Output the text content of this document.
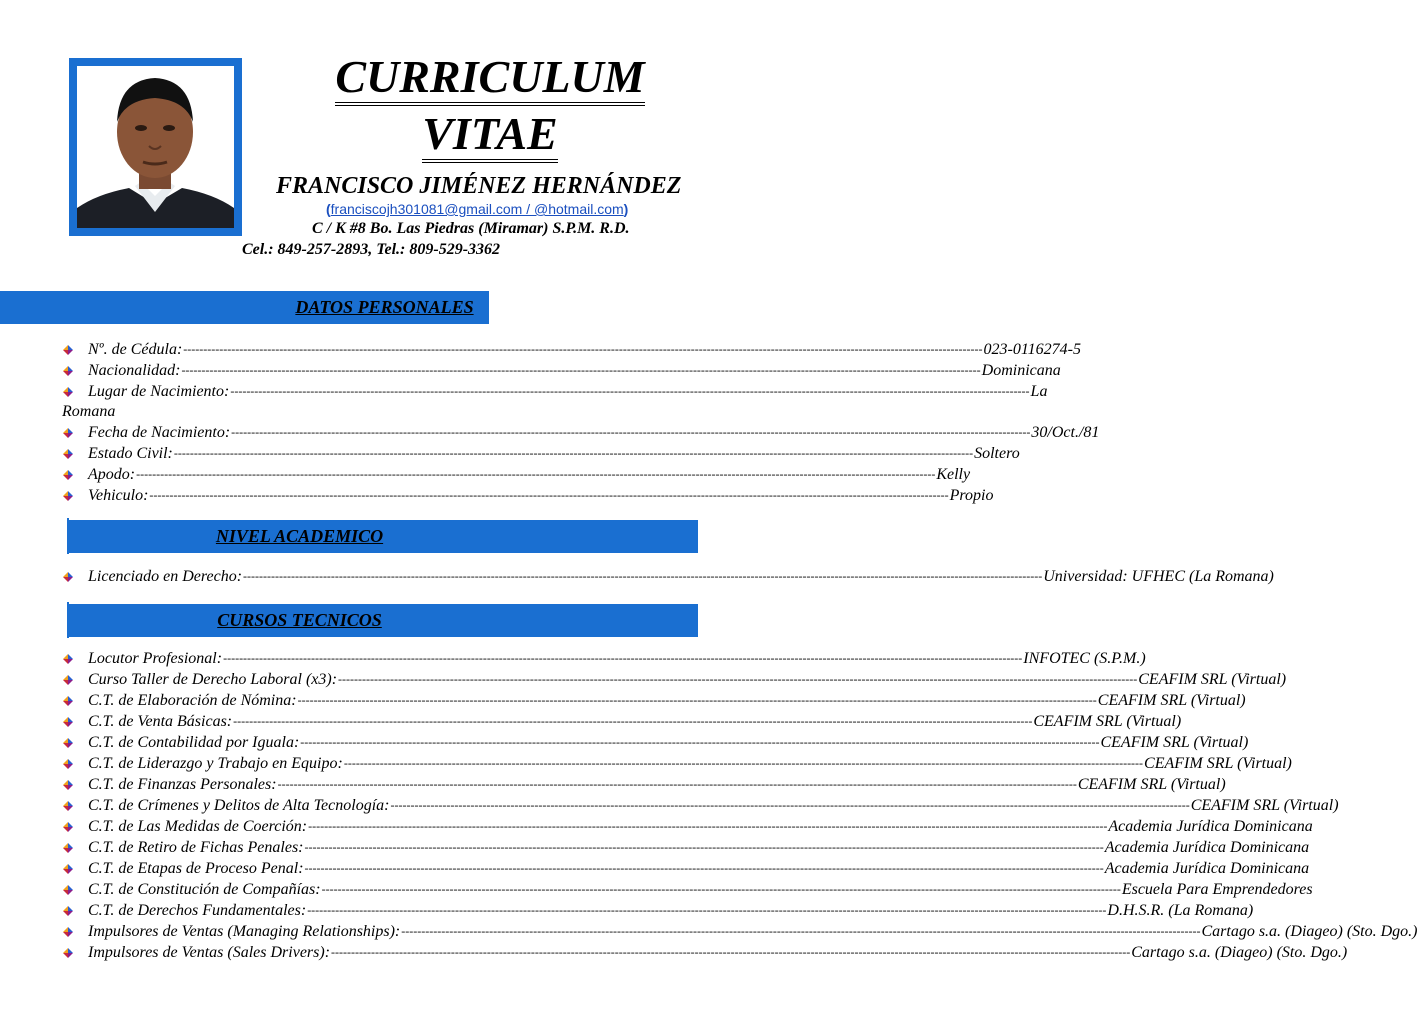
CURRICULUM
VITAE
FRANCISCO JIMÉNEZ HERNÁNDEZ
(franciscojh301081@gmail.com / @hotmail.com)
C / K #8 Bo. Las Piedras (Miramar) S.P.M. R.D.
Cel.: 849-257-2893, Tel.: 809-529-3362
DATOS PERSONALES
Nº. de Cédula: -------------------------------------------------------------------------------------------------------------------------------------------------------------------------------------------------------- 023-0116274-5
Nacionalidad: -------------------------------------------------------------------------------------------------------------------------------------------------------------------------------------------------------- Dominicana
Lugar de Nacimiento: -------------------------------------------------------------------------------------------------------------------------------------------------------------------------------------------------------- La
Romana
Fecha de Nacimiento: -------------------------------------------------------------------------------------------------------------------------------------------------------------------------------------------------------- 30/Oct./81
Estado Civil: -------------------------------------------------------------------------------------------------------------------------------------------------------------------------------------------------------- Soltero
Apodo: -------------------------------------------------------------------------------------------------------------------------------------------------------------------------------------------------------- Kelly
Vehiculo: -------------------------------------------------------------------------------------------------------------------------------------------------------------------------------------------------------- Propio
NIVEL ACADEMICO
Licenciado en Derecho: -------------------------------------------------------------------------------------------------------------------------------------------------------------------------------------------------------- Universidad: UFHEC (La Romana)
CURSOS TECNICOS
Locutor Profesional: -------------------------------------------------------------------------------------------------------------------------------------------------------------------------------------------------------- INFOTEC (S.P.M.)
Curso Taller de Derecho Laboral (x3): -------------------------------------------------------------------------------------------------------------------------------------------------------------------------------------------------------- CEAFIM SRL (Virtual)
C.T. de Elaboración de Nómina: -------------------------------------------------------------------------------------------------------------------------------------------------------------------------------------------------------- CEAFIM SRL (Virtual)
C.T. de Venta Básicas: -------------------------------------------------------------------------------------------------------------------------------------------------------------------------------------------------------- CEAFIM SRL (Virtual)
C.T. de Contabilidad por Iguala: -------------------------------------------------------------------------------------------------------------------------------------------------------------------------------------------------------- CEAFIM SRL (Virtual)
C.T. de Liderazgo y Trabajo en Equipo: -------------------------------------------------------------------------------------------------------------------------------------------------------------------------------------------------------- CEAFIM SRL (Virtual)
C.T. de Finanzas Personales: -------------------------------------------------------------------------------------------------------------------------------------------------------------------------------------------------------- CEAFIM SRL (Virtual)
C.T. de Crímenes y Delitos de Alta Tecnología: -------------------------------------------------------------------------------------------------------------------------------------------------------------------------------------------------------- CEAFIM SRL (Virtual)
C.T. de Las Medidas de Coerción: -------------------------------------------------------------------------------------------------------------------------------------------------------------------------------------------------------- Academia Jurídica Dominicana
C.T. de Retiro de Fichas Penales: -------------------------------------------------------------------------------------------------------------------------------------------------------------------------------------------------------- Academia Jurídica Dominicana
C.T. de Etapas de Proceso Penal: -------------------------------------------------------------------------------------------------------------------------------------------------------------------------------------------------------- Academia Jurídica Dominicana
C.T. de Constitución de Compañías: -------------------------------------------------------------------------------------------------------------------------------------------------------------------------------------------------------- Escuela Para Emprendedores
C.T. de Derechos Fundamentales: -------------------------------------------------------------------------------------------------------------------------------------------------------------------------------------------------------- D.H.S.R. (La Romana)
Impulsores de Ventas (Managing Relationships): -------------------------------------------------------------------------------------------------------------------------------------------------------------------------------------------------------- Cartago s.a. (Diageo) (Sto. Dgo.)
Impulsores de Ventas (Sales Drivers): -------------------------------------------------------------------------------------------------------------------------------------------------------------------------------------------------------- Cartago s.a. (Diageo) (Sto. Dgo.)
